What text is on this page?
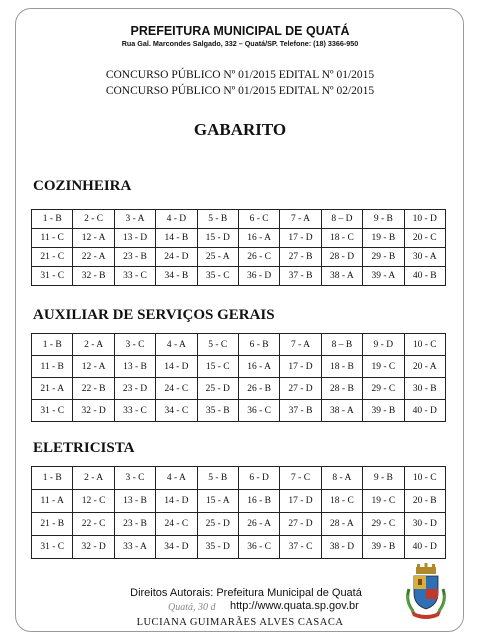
PREFEITURA MUNICIPAL DE QUATÁ
Rua Gal. Marcondes Salgado, 332 – Quatá/SP. Telefone: (18) 3366-950
CONCURSO PÚBLICO Nº 01/2015 EDITAL Nº 01/2015
CONCURSO PÚBLICO Nº 01/2015 EDITAL Nº 02/2015
GABARITO
COZINHEIRA
1 - B	2 - C	3 - A	4 - D	5 - B	6 - C	7 - A	8 – D	9 - B	10 - D
11 - C	12 - A	13 - D	14 - B	15 - D	16 - A	17 - D	18 - C	19 - B	20 - C
21 - C	22 - A	23 - B	24 - D	25 - A	26 - C	27 - B	28 - D	29 - B	30 - A
31 - C	32 - B	33 - C	34 - B	35 - C	36 - D	37 - B	38 - A	39 - A	40 - B
AUXILIAR DE SERVIÇOS GERAIS
1 - B	2 - A	3 - C	4 - A	5 - C	6 - B	7 - A	8 – B	9 - D	10 - C
11 - B	12 - A	13 - B	14 - D	15 - C	16 - A	17 - D	18 - B	19 - C	20 - A
21 - A	22 - B	23 - D	24 - C	25 - D	26 - B	27 - D	28 - B	29 - C	30 - B
31 - C	32 - D	33 - C	34 - C	35 - B	36 - C	37 - B	38 - A	39 - B	40 - D
ELETRICISTA
1 - B	2 - A	3 - C	4 - A	5 - B	6 - D	7 - C	8 - A	9 - B	10 - C
11 - A	12 - C	13 - B	14 - D	15 - A	16 - B	17 - D	18 - C	19 - C	20 - B
21 - B	22 - C	23 - B	24 - C	25 - D	26 - A	27 - D	28 - A	29 - C	30 - D
31 - C	32 - D	33 - A	34 - D	35 - D	36 - C	37 - C	38 - D	39 - B	40 - D
Quatá, 30 d
Direitos Autorais: Prefeitura Municipal de Quatá
http://www.quata.sp.gov.br
LUCIANA GUIMARÃES ALVES CASACA
